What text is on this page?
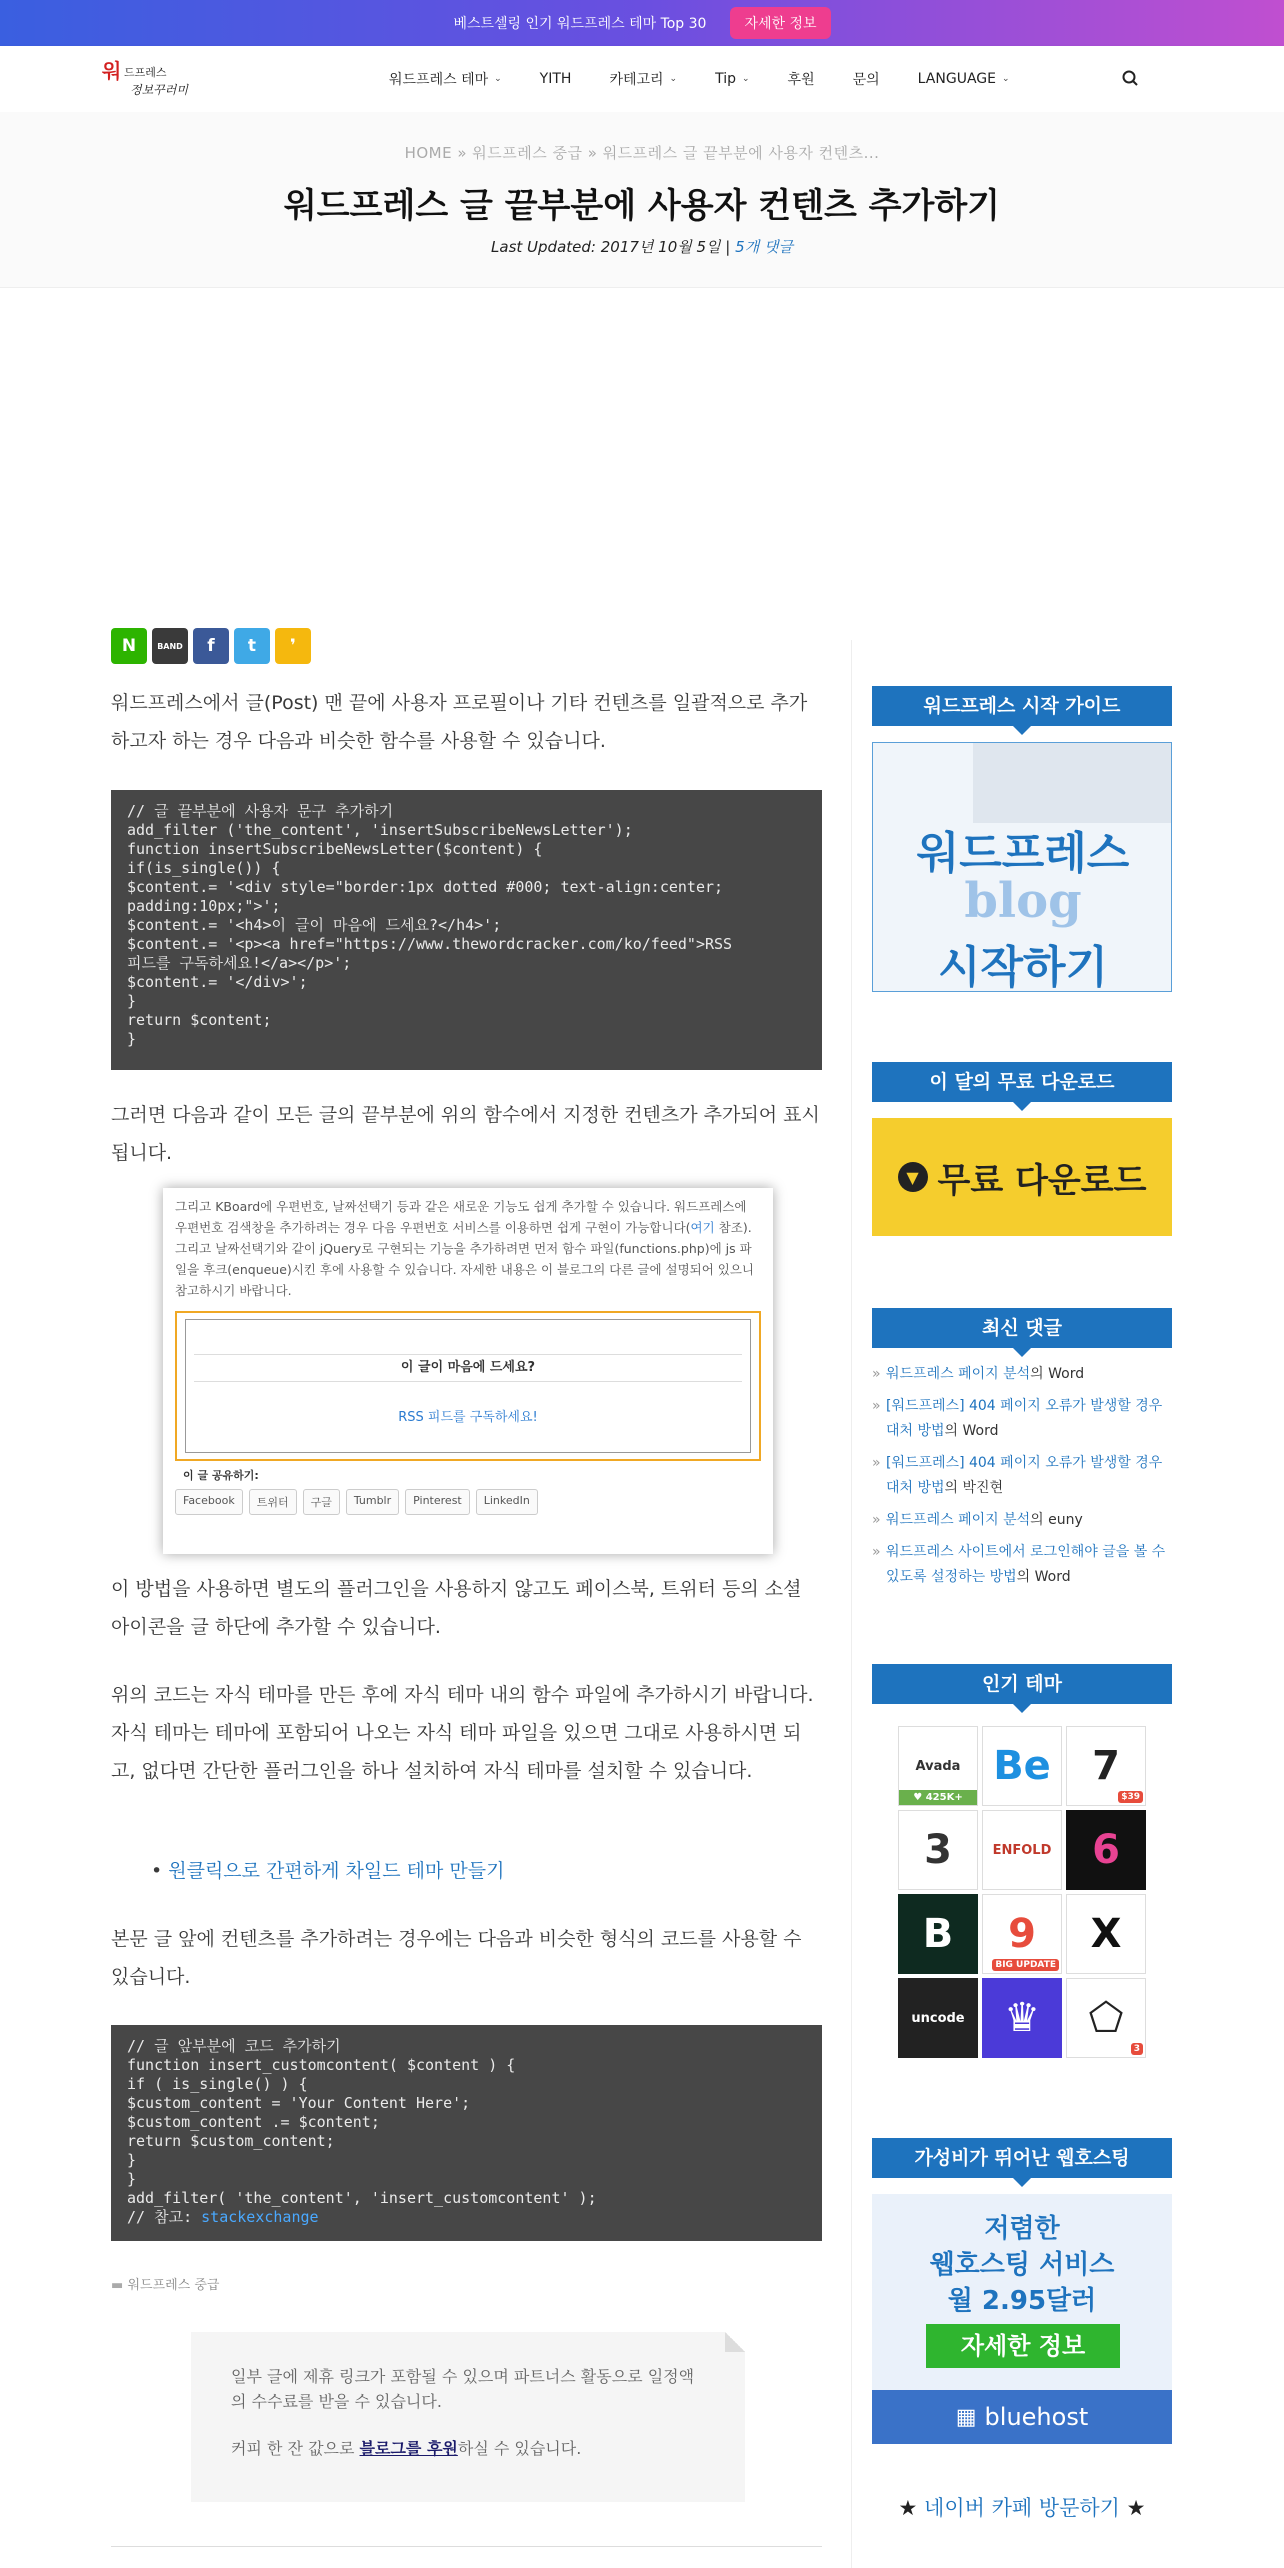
베스트셀링 인기 워드프레스 테마 Top 30	자세한 정보
워 드프레스
정보꾸러미
워드프레스 테마 ⌄	YITH	카테고리 ⌄	Tip ⌄	후원	문의	LANGUAGE ⌄
HOME » 워드프레스 중급 » 워드프레스 글 끝부분에 사용자 컨텐츠...
워드프레스 글 끝부분에 사용자 컨텐츠 추가하기
Last Updated: 2017년 10월 5일 | 5개 댓글
N	BAND	f	t	❜

워드프레스에서 글(Post) 맨 끝에 사용자 프로필이나 기타 컨텐츠를 일괄적으로 추가하고자 하는 경우 다음과 비슷한 함수를 사용할 수 있습니다.

// 글 끝부분에 사용자 문구 추가하기
add_filter ('the_content', 'insertSubscribeNewsLetter');
function insertSubscribeNewsLetter($content) {
if(is_single()) {
$content.= '<div style="border:1px dotted #000; text-align:center;
padding:10px;">';
$content.= '<h4>이 글이 마음에 드세요?</h4>';
$content.= '<p><a href="https://www.thewordcracker.com/ko/feed">RSS
피드를 구독하세요!</a></p>';
$content.= '</div>';
}
return $content;
}

그러면 다음과 같이 모든 글의 끝부분에 위의 함수에서 지정한 컨텐츠가 추가되어 표시됩니다.

그리고 KBoard에 우편번호, 날짜선택기 등과 같은 새로운 기능도 쉽게 추가할 수 있습니다. 워드프레스에 우편번호 검색창을 추가하려는 경우 다음 우편번호 서비스를 이용하면 쉽게 구현이 가능합니다(여기 참조). 그리고 날짜선택기와 같이 jQuery로 구현되는 기능을 추가하려면 먼저 함수 파일(functions.php)에 js 파일을 후크(enqueue)시킨 후에 사용할 수 있습니다. 자세한 내용은 이 블로그의 다른 글에 설명되어 있으니 참고하시기 바랍니다.

이 글이 마음에 드세요?
RSS 피드를 구독하세요!
이 글 공유하기:
Facebook	트위터	구글	Tumblr	Pinterest	LinkedIn

이 방법을 사용하면 별도의 플러그인을 사용하지 않고도 페이스북, 트위터 등의 소셜 아이콘을 글 하단에 추가할 수 있습니다.

위의 코드는 자식 테마를 만든 후에 자식 테마 내의 함수 파일에 추가하시기 바랍니다. 자식 테마는 테마에 포함되어 나오는 자식 테마 파일을 있으면 그대로 사용하시면 되고, 없다면 간단한 플러그인을 하나 설치하여 자식 테마를 설치할 수 있습니다.

• 원클릭으로 간편하게 차일드 테마 만들기

본문 글 앞에 컨텐츠를 추가하려는 경우에는 다음과 비슷한 형식의 코드를 사용할 수 있습니다.

// 글 앞부분에 코드 추가하기
function insert_customcontent( $content ) {
if ( is_single() ) {
$custom_content = 'Your Content Here';
$custom_content .= $content;
return $custom_content;
}
}
add_filter( 'the_content', 'insert_customcontent' );
// 참고: stackexchange
▬ 워드프레스 중급

일부 글에 제휴 링크가 포함될 수 있으며 파트너스 활동으로 일정액의 수수료를 받을 수 있습니다.

커피 한 잔 값으로 블로그를 후원하실 수 있습니다.

워드프레스 시작 가이드
워드프레스
blog
시작하기
이 달의 무료 다운로드
▼ 무료 다운로드
최신 댓글
» 워드프레스 페이지 분석의 Word
» [워드프레스] 404 페이지 오류가 발생할 경우 대처 방법의 Word
» [워드프레스] 404 페이지 오류가 발생할 경우 대처 방법의 박진현
» 워드프레스 페이지 분석의 euny
» 워드프레스 사이트에서 로그인해야 글을 볼 수 있도록 설정하는 방법의 Word
인기 테마
Avada
♥ 425K+
Be 7
$39
3	ENFOLD 6
B 9
BIG UPDATE
X
uncode ♛ ⬠
3
가성비가 뛰어난 웹호스팅
저렴한
웹호스팅 서비스
월 2.95달러
자세한 정보
▦ bluehost
★ 네이버 카페 방문하기 ★
